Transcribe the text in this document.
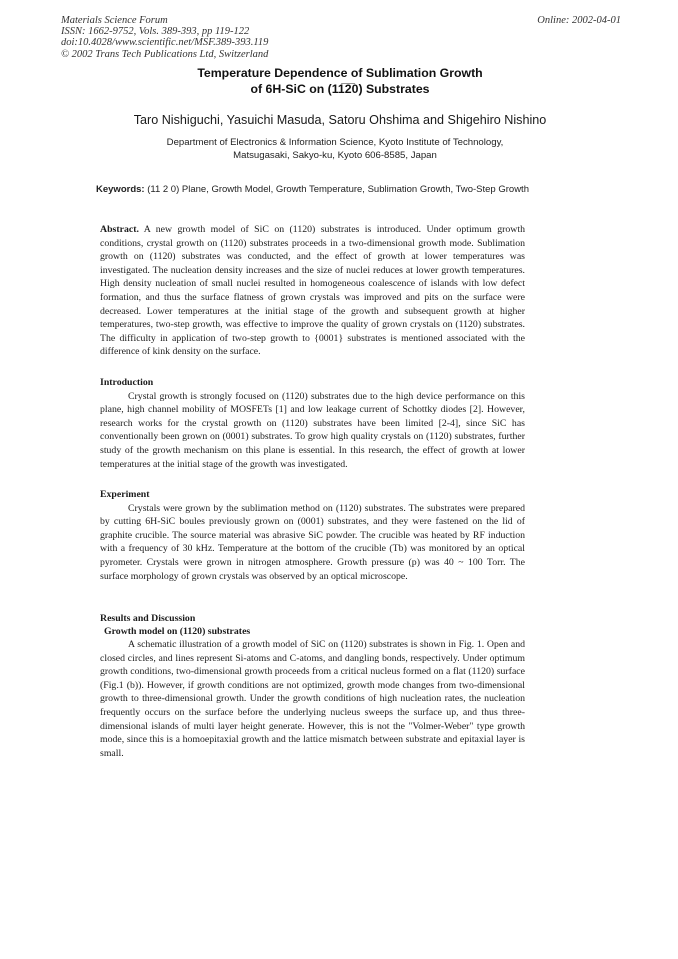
Materials Science Forum
ISSN: 1662-9752, Vols. 389-393, pp 119-122
doi:10.4028/www.scientific.net/MSF.389-393.119
© 2002 Trans Tech Publications Ltd, Switzerland
Online: 2002-04-01
Temperature Dependence of Sublimation Growth
of 6H-SiC on (11̅2̅0) Substrates
Taro Nishiguchi, Yasuichi Masuda, Satoru Ohshima and Shigehiro Nishino
Department of Electronics & Information Science, Kyoto Institute of Technology,
Matsugasaki, Sakyo-ku, Kyoto 606-8585, Japan
Keywords: (11 2 0) Plane, Growth Model, Growth Temperature, Sublimation Growth, Two-Step Growth
Abstract. A new growth model of SiC on (1120) substrates is introduced. Under optimum growth conditions, crystal growth on (1120) substrates proceeds in a two-dimensional growth mode. Sublimation growth on (1120) substrates was conducted, and the effect of growth at lower temperatures was investigated. The nucleation density increases and the size of nuclei reduces at lower growth temperatures. High density nucleation of small nuclei resulted in homogeneous coalescence of islands with low defect formation, and thus the surface flatness of grown crystals was improved and pits on the surface were decreased. Lower temperatures at the initial stage of the growth and subsequent growth at higher temperatures, two-step growth, was effective to improve the quality of grown crystals on (1120) substrates. The difficulty in application of two-step growth to {0001} substrates is mentioned associated with the difference of kink density on the surface.
Introduction

Crystal growth is strongly focused on (1120) substrates due to the high device performance on this plane, high channel mobility of MOSFETs [1] and low leakage current of Schottky diodes [2]. However, research works for the crystal growth on (1120) substrates have been limited [2-4], since SiC has conventionally been grown on (0001) substrates. To grow high quality crystals on (1120) substrates, further study of the growth mechanism on this plane is essential. In this research, the effect of growth at lower temperatures at the initial stage of the growth was investigated.

Experiment

Crystals were grown by the sublimation method on (1120) substrates. The substrates were prepared by cutting 6H-SiC boules previously grown on (0001) substrates, and they were fastened on the lid of graphite crucible. The source material was abrasive SiC powder. The crucible was heated by RF induction with a frequency of 30 kHz. Temperature at the bottom of the crucible (Tb) was monitored by an optical pyrometer. Crystals were grown in nitrogen atmosphere. Growth pressure (p) was 40 ~ 100 Torr. The surface morphology of grown crystals was observed by an optical microscope.

Results and Discussion
Growth model on (1120) substrates

A schematic illustration of a growth model of SiC on (1120) substrates is shown in Fig. 1. Open and closed circles, and lines represent Si-atoms and C-atoms, and dangling bonds, respectively. Under optimum growth conditions, two-dimensional growth proceeds from a critical nucleus formed on a flat (1120) surface (Fig.1 (b)). However, if growth conditions are not optimized, growth mode changes from two-dimensional growth to three-dimensional growth. Under the growth conditions of high nucleation rates, the nucleation frequently occurs on the surface before the underlying nucleus sweeps the surface up, and thus three-dimensional islands of multi layer height generate. However, this is not the "Volmer-Weber" type growth mode, since this is a homoepitaxial growth and the lattice mismatch between substrate and epitaxial layer is small.
